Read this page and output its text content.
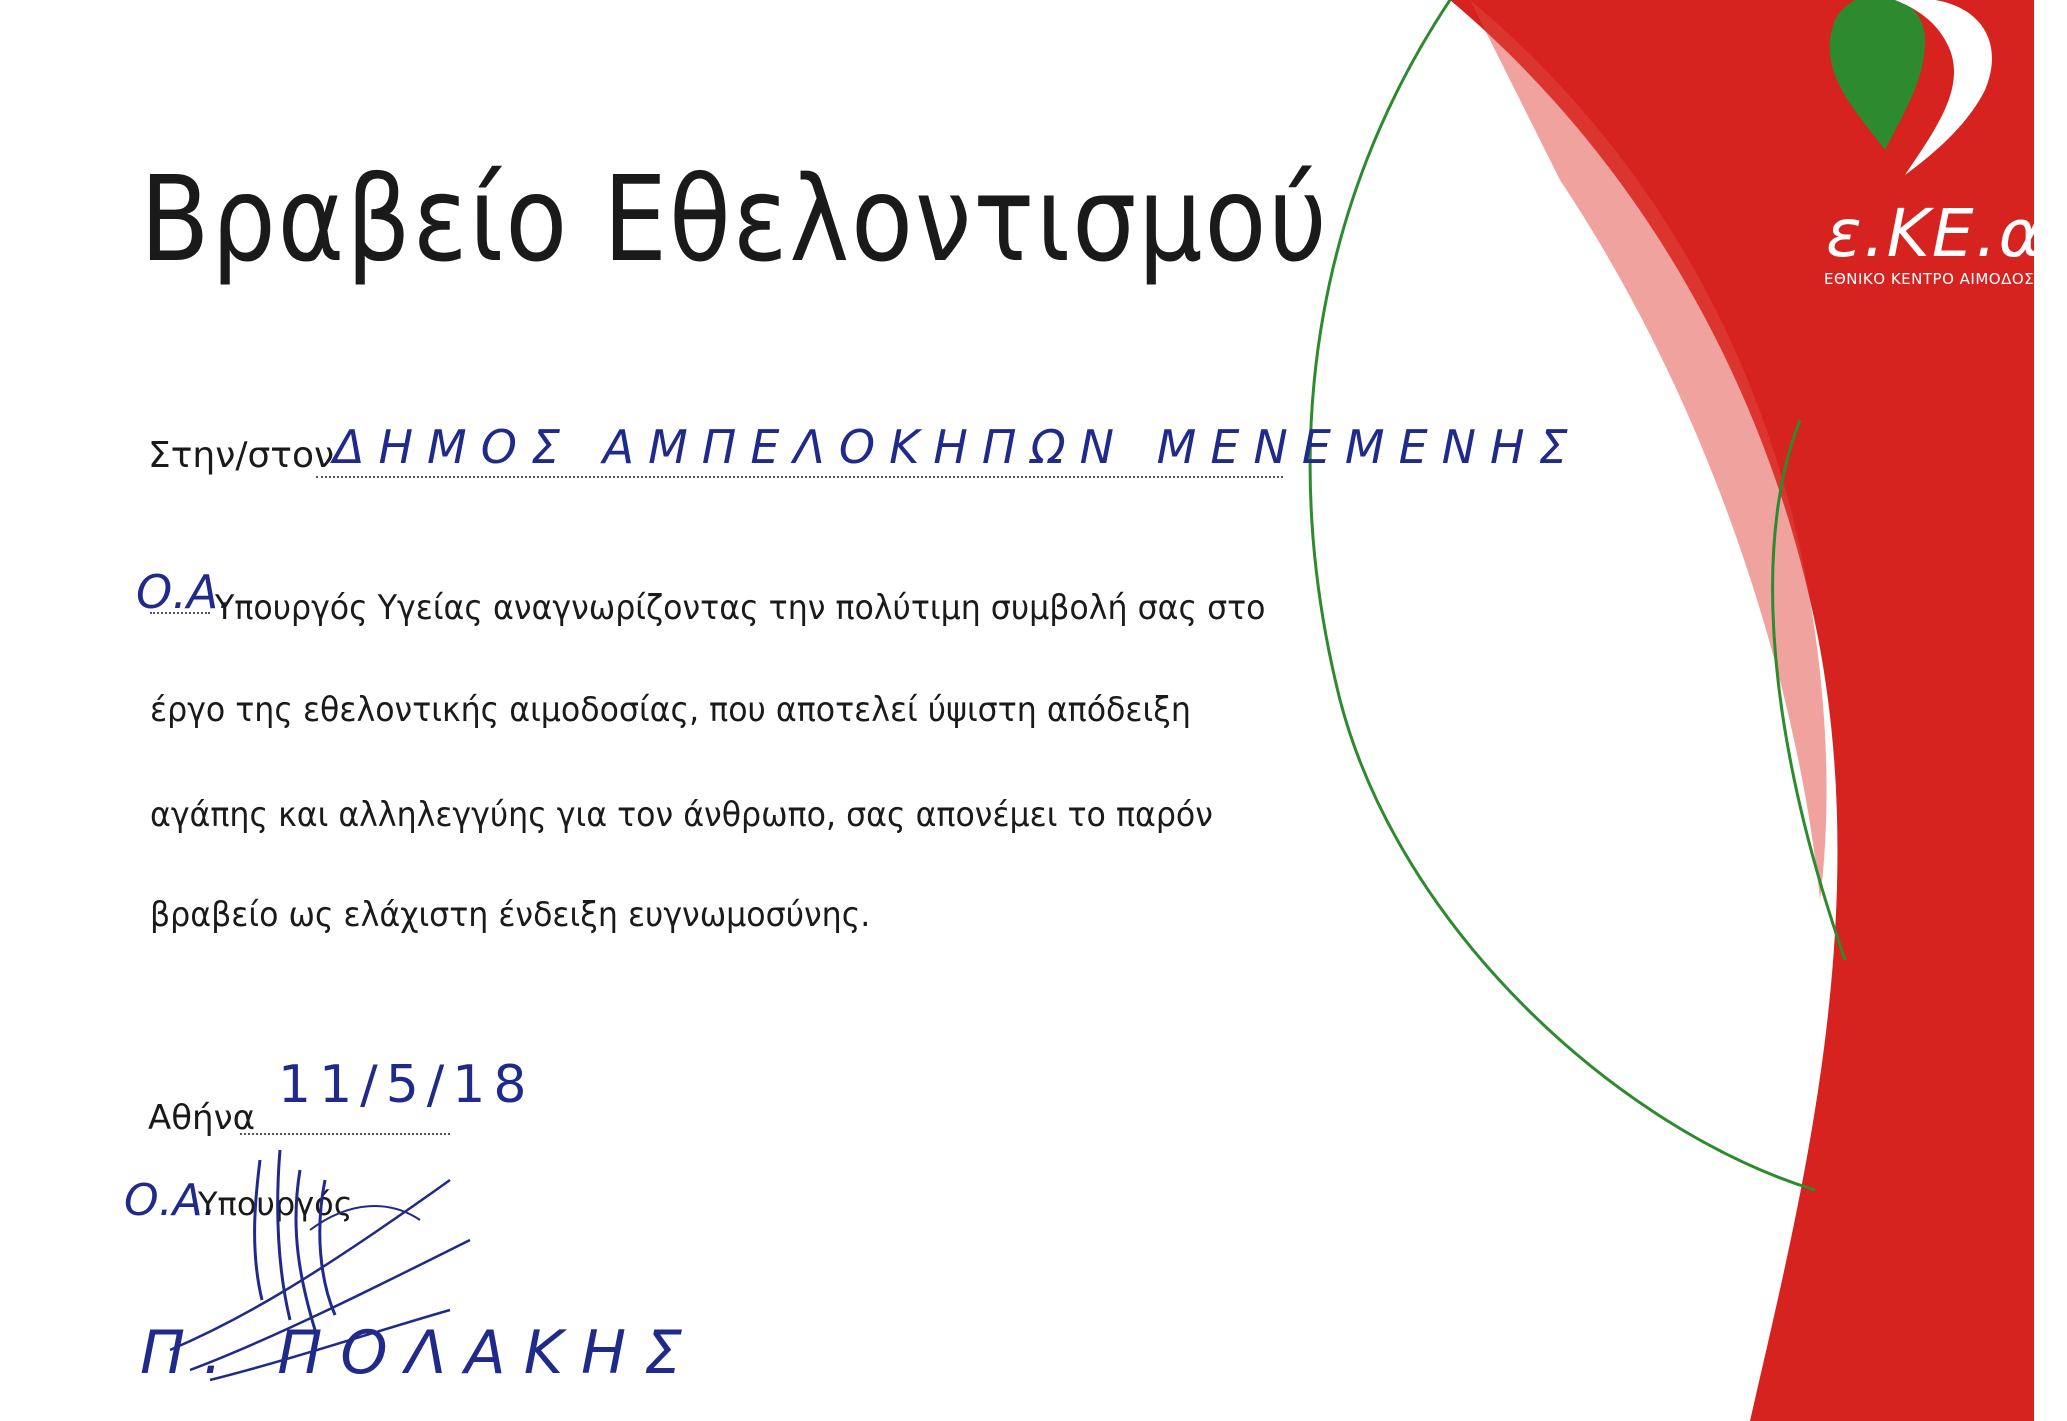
ε.ΚΕ.α.
ΕΘΝΙΚΟ ΚΕΝΤΡΟ ΑΙΜΟΔΟΣΙΑΣ
Βραβείο Εθελοντισμού
Στην/στον
ΔΗΜΟΣ ΑΜΠΕΛΟΚΗΠΩΝ ΜΕΝΕΜΕΝΗΣ
Ο.Α.
Υπουργός Υγείας αναγνωρίζοντας την πολύτιμη συμβολή σας στο
έργο της εθελοντικής αιμοδοσίας, που αποτελεί ύψιστη απόδειξη
αγάπης και αλληλεγγύης για τον άνθρωπο, σας απονέμει το παρόν
βραβείο ως ελάχιστη ένδειξη ευγνωμοσύνης.
Αθήνα
11/5/18
Ο.Α.
Υπουργός
Π. ΠΟΛΑΚΗΣ
